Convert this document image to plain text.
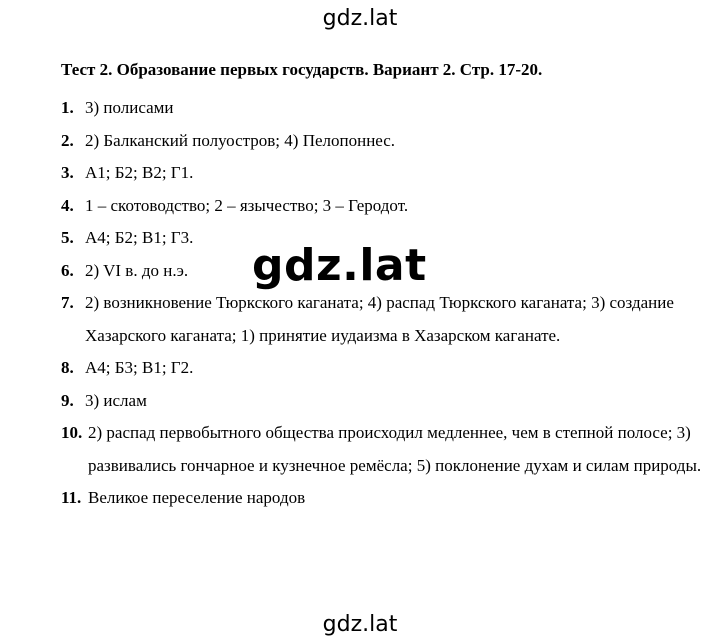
gdz.lat
Тест 2. Образование первых государств. Вариант 2. Стр. 17-20.
1. 3) полисами
2. 2) Балканский полуостров; 4) Пелопоннес.
3. А1; Б2; В2; Г1.
4. 1 – скотоводство; 2 – язычество; 3 – Геродот.
5. А4; Б2; В1; Г3.
6. 2) VI в. до н.э.
7. 2) возникновение Тюркского каганата; 4) распад Тюркского каганата; 3) создание Хазарского каганата; 1) принятие иудаизма в Хазарском каганате.
8. А4; Б3; В1; Г2.
9. 3) ислам
10. 2) распад первобытного общества происходил медленнее, чем в степной полосе; 3) развивались гончарное и кузнечное ремёсла; 5) поклонение духам и силам природы.
11. Великое переселение народов
gdz.lat
gdz.lat
